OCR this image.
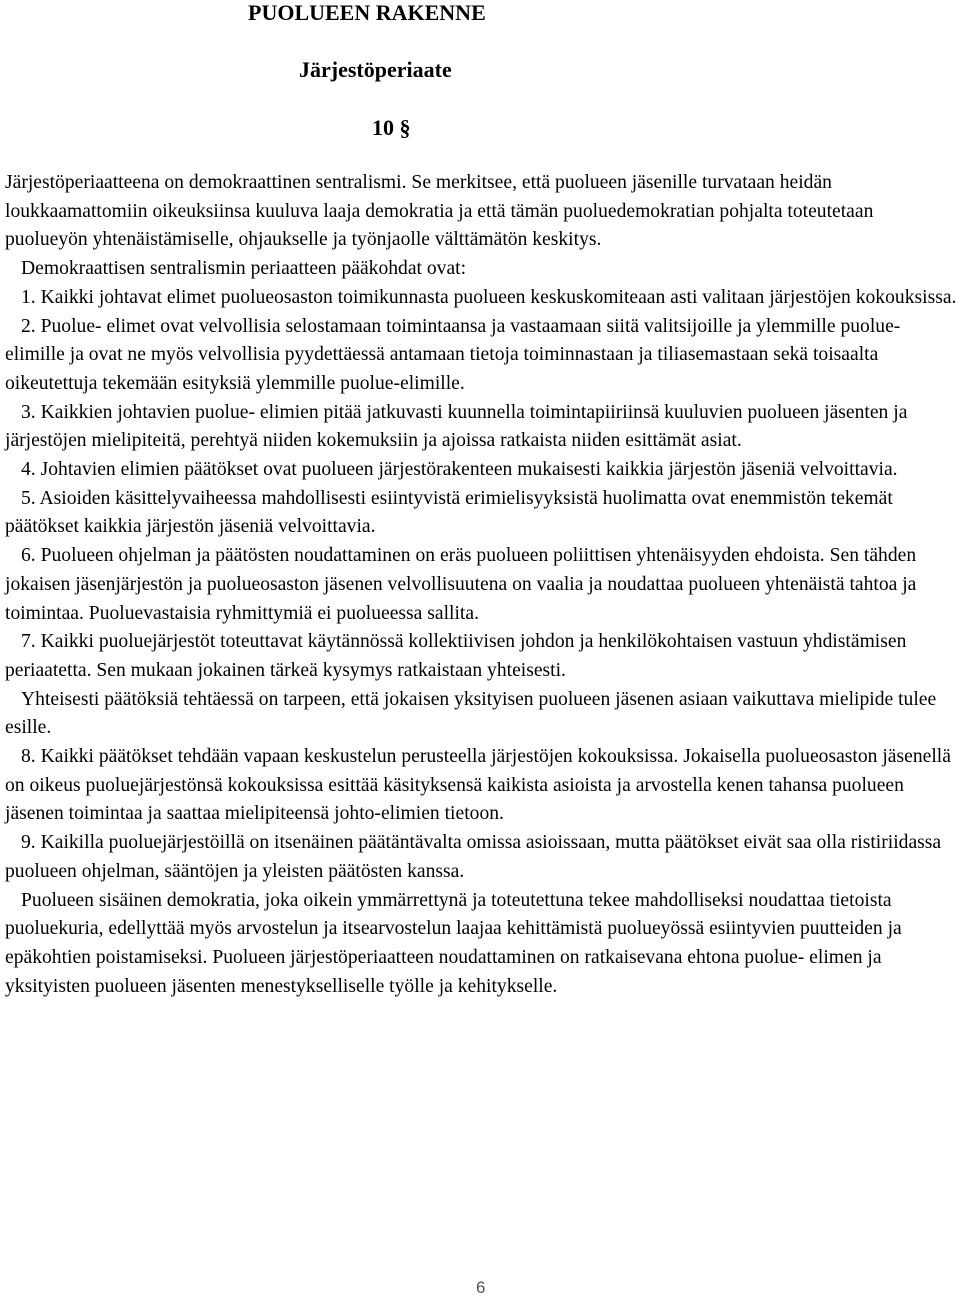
PUOLUEEN RAKENNE
Järjestöperiaate
10 §

Järjestöperiaatteena on demokraattinen sentralismi. Se merkitsee, että puolueen jäsenille turvataan heidän loukkaamattomiin oikeuksiinsa kuuluva laaja demokratia ja että tämän puoluedemokratian pohjalta toteutetaan puolueyön yhtenäistämiselle, ohjaukselle ja työnjaolle välttämätön keskitys.

Demokraattisen sentralismin periaatteen pääkohdat ovat:

1. Kaikki johtavat elimet puolueosaston toimikunnasta puolueen keskuskomiteaan asti valitaan järjestöjen kokouksissa.

2. Puolue- elimet ovat velvollisia selostamaan toimintaansa ja vastaamaan siitä valitsijoille ja ylemmille puolue- elimille ja ovat ne myös velvollisia pyydettäessä antamaan tietoja toiminnastaan ja tiliasemastaan sekä toisaalta oikeutettuja tekemään esityksiä ylemmille puolue-elimille.

3. Kaikkien johtavien puolue- elimien pitää jatkuvasti kuunnella toimintapiiriinsä kuuluvien puolueen jäsenten ja järjestöjen mielipiteitä, perehtyä niiden kokemuksiin ja ajoissa ratkaista niiden esittämät asiat.

4. Johtavien elimien päätökset ovat puolueen järjestörakenteen mukaisesti kaikkia järjestön jäseniä velvoittavia.

5. Asioiden käsittelyvaiheessa mahdollisesti esiintyvistä erimielisyyksistä huolimatta ovat enemmistön tekemät päätökset kaikkia järjestön jäseniä velvoittavia.

6. Puolueen ohjelman ja päätösten noudattaminen on eräs puolueen poliittisen yhtenäisyyden ehdoista. Sen tähden jokaisen jäsenjärjestön ja puolueosaston jäsenen velvollisuutena on vaalia ja noudattaa puolueen yhtenäistä tahtoa ja toimintaa. Puoluevastaisia ryhmittymiä ei puolueessa sallita.

7. Kaikki puoluejärjestöt toteuttavat käytännössä kollektiivisen johdon ja henkilökohtaisen vastuun yhdistämisen periaatetta. Sen mukaan jokainen tärkeä kysymys ratkaistaan yhteisesti.

Yhteisesti päätöksiä tehtäessä on tarpeen, että jokaisen yksityisen puolueen jäsenen asiaan vaikuttava mielipide tulee esille.

8. Kaikki päätökset tehdään vapaan keskustelun perusteella järjestöjen kokouksissa. Jokaisella puolueosaston jäsenellä on oikeus puoluejärjestönsä kokouksissa esittää käsityksensä kaikista asioista ja arvostella kenen tahansa puolueen jäsenen toimintaa ja saattaa mielipiteensä johto-elimien tietoon.

9. Kaikilla puoluejärjestöillä on itsenäinen päätäntävalta omissa asioissaan, mutta päätökset eivät saa olla ristiriidassa puolueen ohjelman, sääntöjen ja yleisten päätösten kanssa.

Puolueen sisäinen demokratia, joka oikein ymmärrettynä ja toteutettuna tekee mahdolliseksi noudattaa tietoista puoluekuria, edellyttää myös arvostelun ja itsearvostelun laajaa kehittämistä puolueyössä esiintyvien puutteiden ja epäkohtien poistamiseksi. Puolueen järjestöperiaatteen noudattaminen on ratkaisevana ehtona puolue- elimen ja yksityisten puolueen jäsenten menestykselliselle työlle ja kehitykselle.

6
